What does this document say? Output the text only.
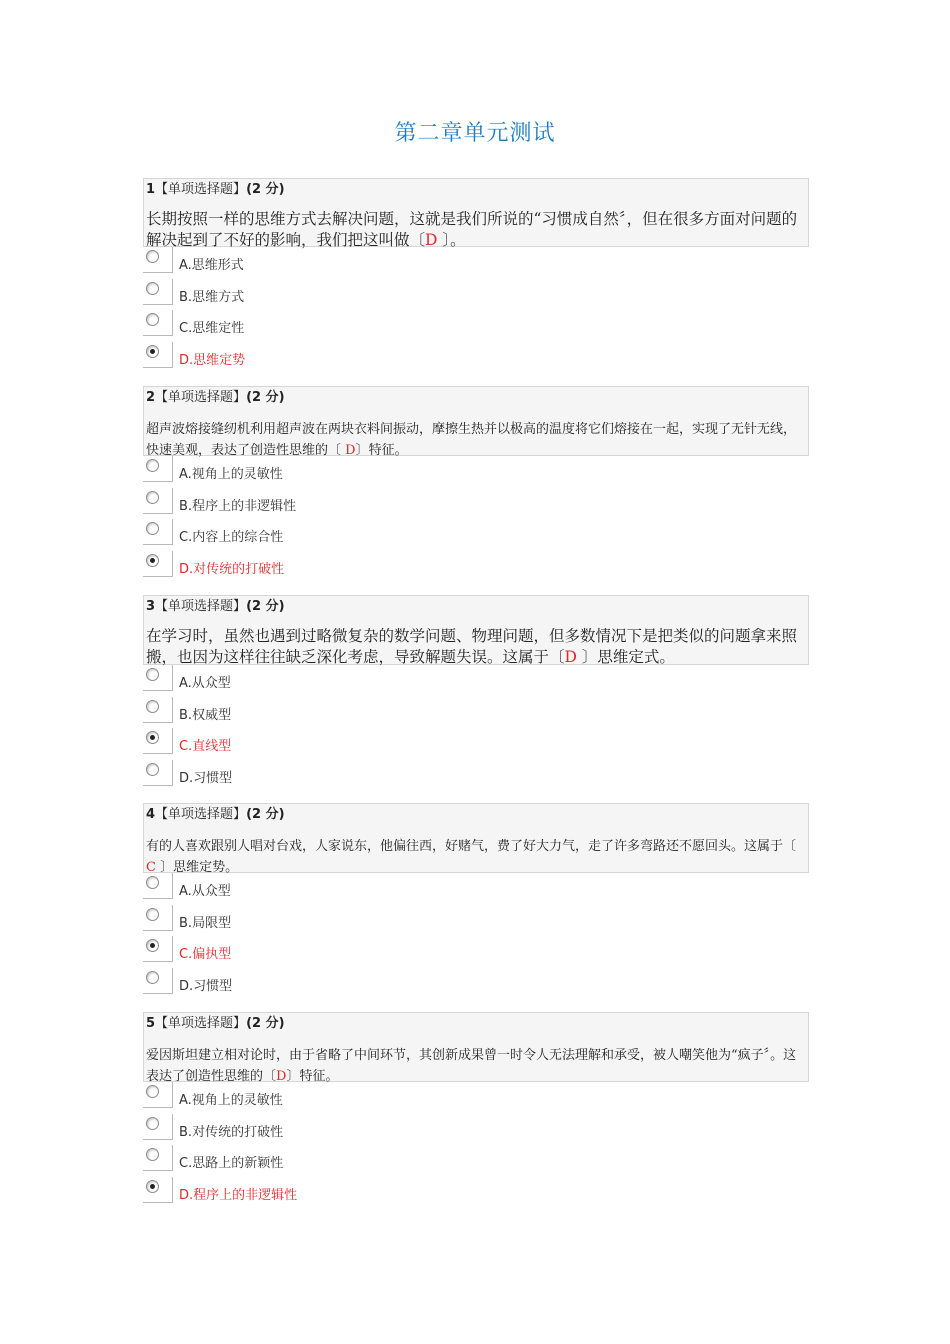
第二章单元测试
1【单项选择题】(2 分)
长期按照一样的思维方式去解决问题，这就是我们所说的“习惯成自然〞，但在很多方面对问题的解决起到了不好的影响，我们把这叫做〔D 〕。
A.思维形式
B.思维方式
C.思维定性
D.思维定势
2【单项选择题】(2 分)
超声波熔接缝纫机利用超声波在两块衣料间振动，摩擦生热并以极高的温度将它们熔接在一起，实现了无针无线，快速美观，表达了创造性思维的〔 D〕特征。
A.视角上的灵敏性
B.程序上的非逻辑性
C.内容上的综合性
D.对传统的打破性
3【单项选择题】(2 分)
在学习时，虽然也遇到过略微复杂的数学问题、物理问题，但多数情况下是把类似的问题拿来照搬，也因为这样往往缺乏深化考虑，导致解题失误。这属于〔D 〕思维定式。
A.从众型
B.权威型
C.直线型
D.习惯型
4【单项选择题】(2 分)
有的人喜欢跟别人唱对台戏，人家说东，他偏往西，好赌气，费了好大力气，走了许多弯路还不愿回头。这属于〔 C 〕思维定势。
A.从众型
B.局限型
C.偏执型
D.习惯型
5【单项选择题】(2 分)
爱因斯坦建立相对论时，由于省略了中间环节，其创新成果曾一时令人无法理解和承受，被人嘲笑他为“疯子〞。这表达了创造性思维的〔D〕特征。
A.视角上的灵敏性
B.对传统的打破性
C.思路上的新颖性
D.程序上的非逻辑性
